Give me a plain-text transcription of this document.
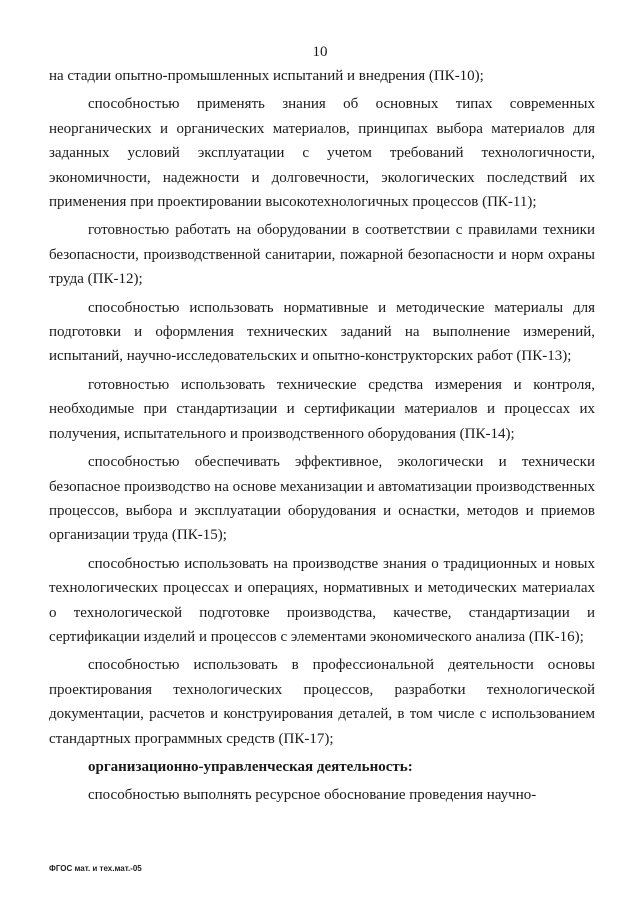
10

на стадии опытно-промышленных испытаний и внедрения (ПК-10);

способностью применять знания об основных типах современных неорганических и органических материалов, принципах выбора материалов для заданных условий эксплуатации с учетом требований технологичности, экономичности, надежности и долговечности, экологических последствий их применения при проектировании высокотехнологичных процессов (ПК-11);

готовностью работать на оборудовании в соответствии с правилами техники безопасности, производственной санитарии, пожарной безопасности и норм охраны труда (ПК-12);

способностью использовать нормативные и методические материалы для подготовки и оформления технических заданий на выполнение измерений, испытаний, научно-исследовательских и опытно-конструкторских работ (ПК-13);

готовностью использовать технические средства измерения и контроля, необходимые при стандартизации и сертификации материалов и процессах их получения, испытательного и производственного оборудования (ПК-14);

способностью обеспечивать эффективное, экологически и технически безопасное производство на основе механизации и автоматизации производственных процессов, выбора и эксплуатации оборудования и оснастки, методов и приемов организации труда (ПК-15);

способностью использовать на производстве знания о традиционных и новых технологических процессах и операциях, нормативных и методических материалах о технологической подготовке производства, качестве, стандартизации и сертификации изделий и процессов с элементами экономического анализа (ПК-16);

способностью использовать в профессиональной деятельности основы проектирования технологических процессов, разработки технологической документации, расчетов и конструирования деталей, в том числе с использованием стандартных программных средств (ПК-17);

организационно-управленческая деятельность:

способностью выполнять ресурсное обоснование проведения научно-

ФГОС мат. и тех.мат.-05
